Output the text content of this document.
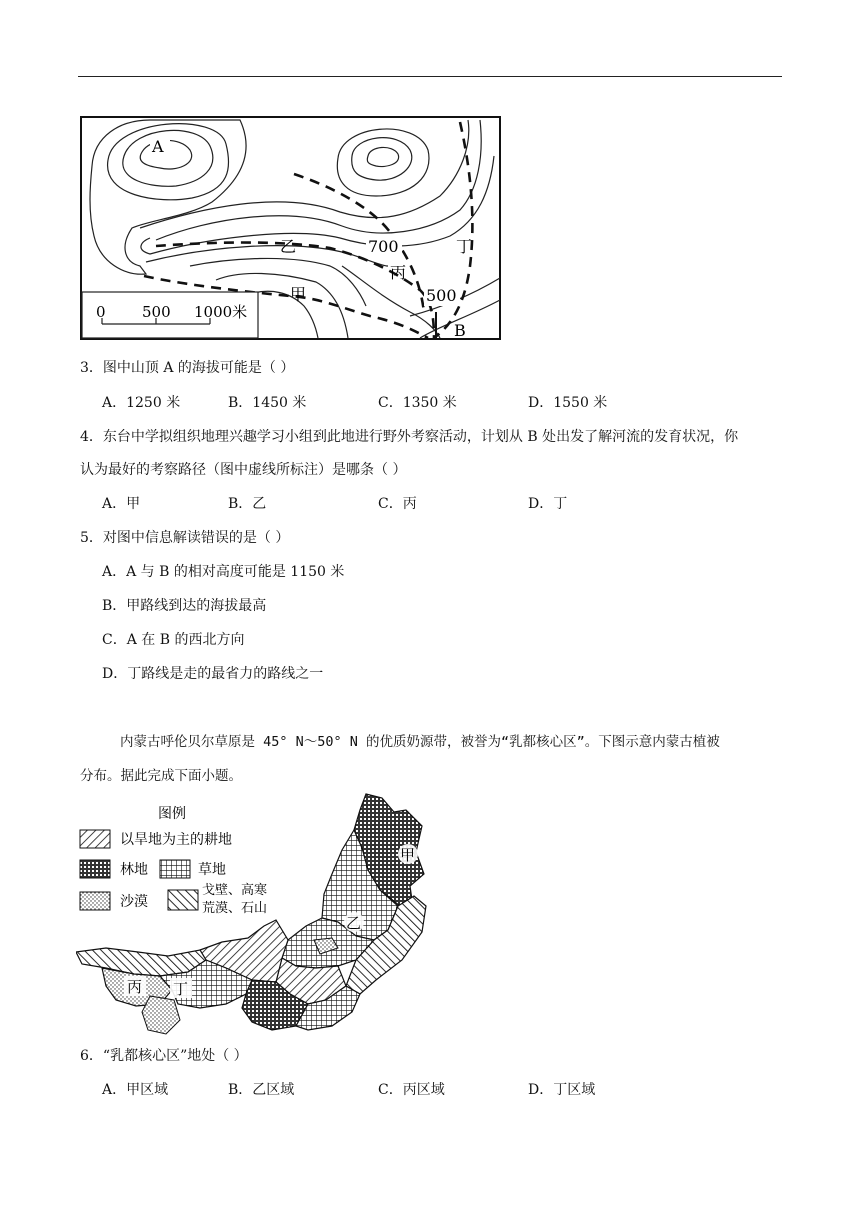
0 500 1000米
A
700
500
甲
乙
丙
丁
B
3．图中山顶 A 的海拔可能是（ ）
A．1250 米	B．1450 米	C．1350 米	D．1550 米
4．东台中学拟组织地理兴趣学习小组到此地进行野外考察活动，计划从 B 处出发了解河流的发育状况，你
认为最好的考察路径（图中虚线所标注）是哪条（ ）
A．甲	B．乙	C．丙	D．丁
5．对图中信息解读错误的是（ ）
A．A 与 B 的相对高度可能是 1150 米
B．甲路线到达的海拔最高
C．A 在 B 的西北方向
D．丁路线是走的最省力的路线之一
内蒙古呼伦贝尔草原是 45° N～50° N 的优质奶源带，被誉为“乳都核心区”。下图示意内蒙古植被
分布。据此完成下面小题。
图例
以旱地为主的耕地
林地	草地
沙漠
戈壁、高寒
荒漠、石山
甲
乙
丙 丁
6．“乳都核心区”地处（ ）
A．甲区域	B．乙区域	C．丙区域	D．丁区域
